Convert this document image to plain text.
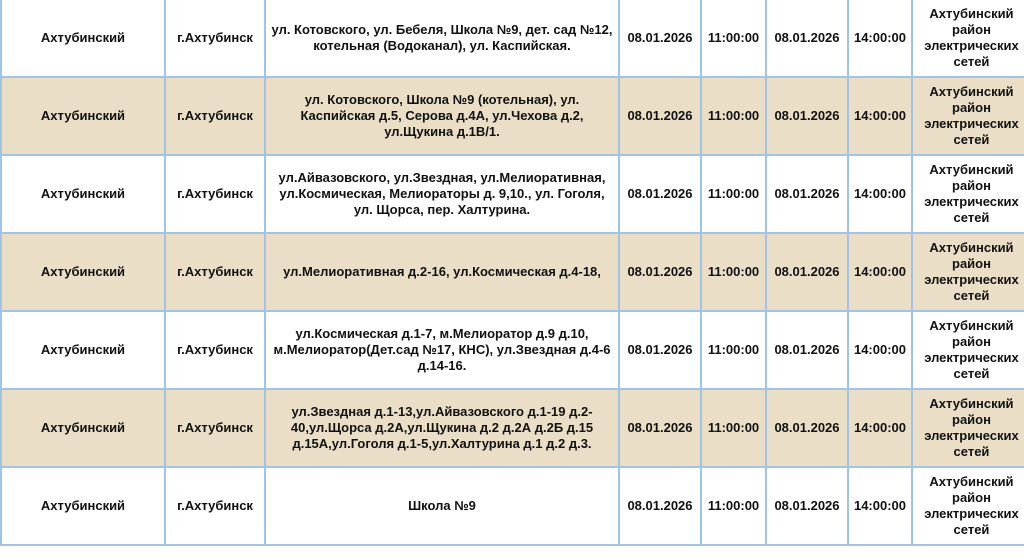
Ахтубинский	г.Ахтубинск	ул. Котовского, ул. Бебеля, Школа №9, дет. сад №12, котельная (Водоканал), ул. Каспийская.	08.01.2026	11:00:00	08.01.2026	14:00:00	Ахтубинский район электрических сетей
Ахтубинский	г.Ахтубинск	ул. Котовского, Школа №9 (котельная), ул. Каспийская д.5, Серова д.4А, ул.Чехова д.2, ул.Щукина д.1В/1.	08.01.2026	11:00:00	08.01.2026	14:00:00	Ахтубинский район электрических сетей
Ахтубинский	г.Ахтубинск	ул.Айвазовского, ул.Звездная, ул.Мелиоративная, ул.Космическая, Мелиораторы д. 9,10., ул. Гоголя, ул. Щорса, пер. Халтурина.	08.01.2026	11:00:00	08.01.2026	14:00:00	Ахтубинский район электрических сетей
Ахтубинский	г.Ахтубинск	ул.Мелиоративная д.2-16, ул.Космическая д.4-18,	08.01.2026	11:00:00	08.01.2026	14:00:00	Ахтубинский район электрических сетей
Ахтубинский	г.Ахтубинск	ул.Космическая д.1-7, м.Мелиоратор д.9 д.10, м.Мелиоратор(Дет.сад №17, КНС), ул.Звездная д.4-6 д.14-16.	08.01.2026	11:00:00	08.01.2026	14:00:00	Ахтубинский район электрических сетей
Ахтубинский	г.Ахтубинск	ул.Звездная д.1-13,ул.Айвазовского д.1-19 д.2-40,ул.Щорса д.2А,ул.Щукина д.2 д.2А д.2Б д.15 д.15А,ул.Гоголя д.1-5,ул.Халтурина д.1 д.2 д.3.	08.01.2026	11:00:00	08.01.2026	14:00:00	Ахтубинский район электрических сетей
Ахтубинский	г.Ахтубинск	Школа №9	08.01.2026	11:00:00	08.01.2026	14:00:00	Ахтубинский район электрических сетей
